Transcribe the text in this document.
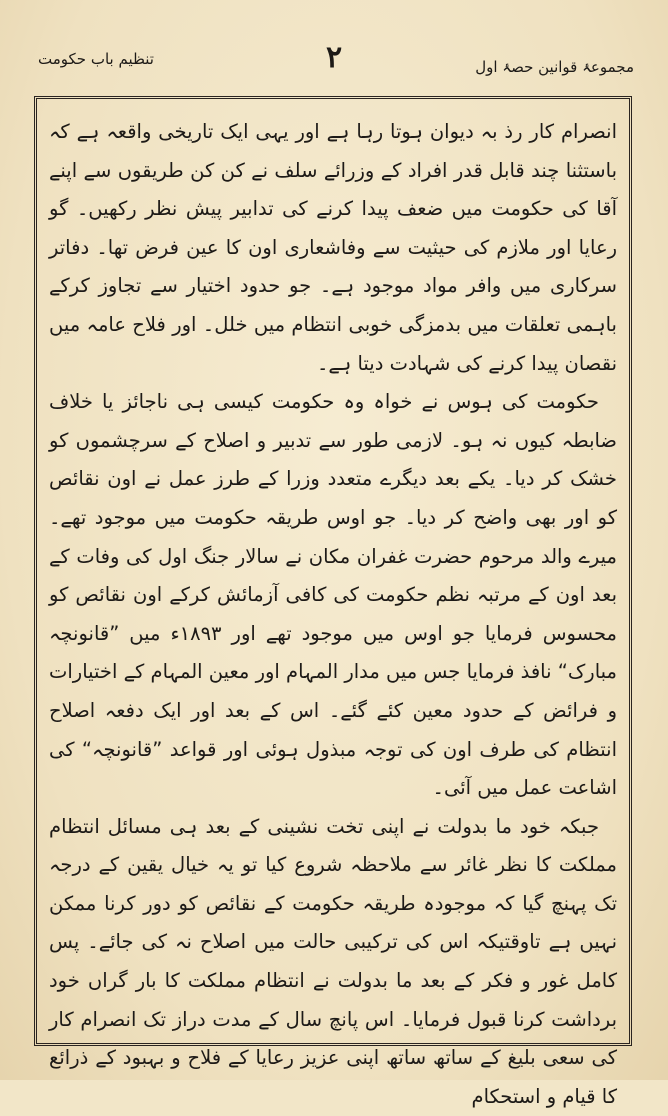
تنظیم باب حکومت	۲	مجموعۂ قوانین حصۂ اول

انصرام کار رذ بہ دیوان ہوتا رہا ہے اور یہی ایک تاریخی واقعہ ہے کہ باستثنا چند قابل قدر افراد کے وزرائے سلف نے کن کن طریقوں سے اپنے آقا کی حکومت میں ضعف پیدا کرنے کی تدابیر پیش نظر رکھیں۔ گو رعایا اور ملازم کی حیثیت سے وفاشعاری اون کا عین فرض تھا۔ دفاتر سرکاری میں وافر مواد موجود ہے۔ جو حدود اختیار سے تجاوز کرکے باہمی تعلقات میں بدمزگی خوبی انتظام میں خلل۔ اور فلاح عامہ میں نقصان پیدا کرنے کی شہادت دیتا ہے۔

حکومت کی ہوس نے خواہ وہ حکومت کیسی ہی ناجائز یا خلاف ضابطہ کیوں نہ ہو۔ لازمی طور سے تدبیر و اصلاح کے سرچشموں کو خشک کر دیا۔ یکے بعد دیگرے متعدد وزرا کے طرز عمل نے اون نقائص کو اور بھی واضح کر دیا۔ جو اوس طریقہ حکومت میں موجود تھے۔ میرے والد مرحوم حضرت غفران مکان نے سالار جنگ اول کی وفات کے بعد اون کے مرتبہ نظم حکومت کی کافی آزمائش کرکے اون نقائص کو محسوس فرمایا جو اوس میں موجود تھے اور ۱۸۹۳ء میں ”قانونچہ مبارک“ نافذ فرمایا جس میں مدار المہام اور معین المہام کے اختیارات و فرائض کے حدود معین کئے گئے۔ اس کے بعد اور ایک دفعہ اصلاح انتظام کی طرف اون کی توجہ مبذول ہوئی اور قواعد ”قانونچہ“ کی اشاعت عمل میں آئی۔

جبکہ خود ما بدولت نے اپنی تخت نشینی کے بعد ہی مسائل انتظام مملکت کا نظر غائر سے ملاحظہ شروع کیا تو یہ خیال یقین کے درجہ تک پہنچ گیا کہ موجودہ طریقہ حکومت کے نقائص کو دور کرنا ممکن نہیں ہے تاوقتیکہ اس کی ترکیبی حالت میں اصلاح نہ کی جائے۔ پس کامل غور و فکر کے بعد ما بدولت نے انتظام مملکت کا بار گراں خود برداشت کرنا قبول فرمایا۔ اس پانچ سال کے مدت دراز تک انصرام کار کی سعی بلیغ کے ساتھ ساتھ اپنی عزیز رعایا کے فلاح و بہبود کے ذرائع کا قیام و استحکام
